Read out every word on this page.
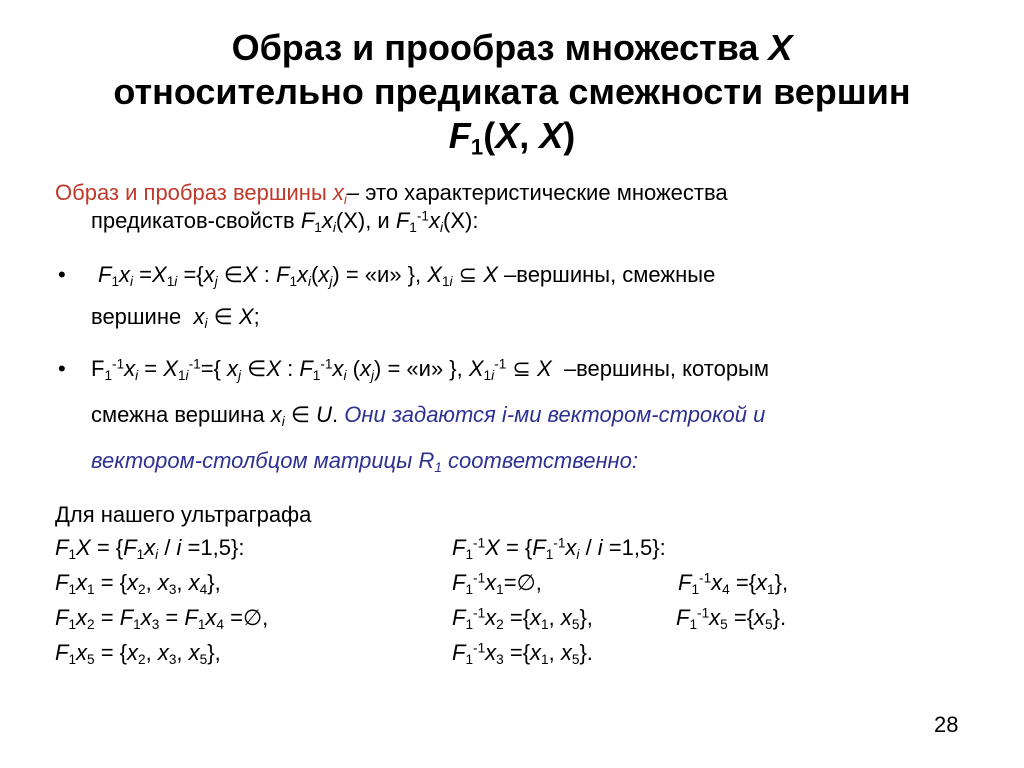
Образ и прообраз множества X
относительно предиката смежности вершин
$F_1(X$, X)
Образ и пробраз вершины $x_i-$ это хaрактеристические множества
предикатов-свойств $F_1x_i(X)$, и $F_1^{-1}x_i(X)$:
• $F_1x_i =X_{1i} =\{x_j$ ∈X : $F_1x_i(x_j)$ = «и» }, $X_{1i}$ ⊆ X –вершины, смежные
вершине  $x_i$ ∈ X;
• $F_1^{-1}x_i = X_{1i}^{-1}=${ $x_j$ ∈X : $F_1^{-1}x_i$ $(x_j)$ = «и» }, $X_{1i}^{-1}$ ⊆ X  –вершины, которым
смежна вершина $x_i$ ∈ U. Они задаются i-ми вектором-строкой и
вектором-столбцом матрицы $R_1$ соответственно:
Для нашего ультраграфа
$F_1X = \{F_1x_i / i =1,5\}$:
$F_1x_1 = \{x_2$, $x_3$, $x_4$},
$F_1x_2 = F_1x_3 = F_1x_4$ =∅,
$F_1x_5 = \{x_2$, $x_3$, $x_5$},
$F_1^{-1}X = \{F_1^{-1}x_i / i =1,5\}$:
$F_1^{-1}x_1=\emptyset$,
$F_1^{-1}x_2 =\{x_1$, $x_5$},
$F_1^{-1}x_3 =\{x_1$, $x_5$}.
$F_1^{-1}x_4 =\{x_1\}$,
$F_1^{-1}x_5 =\{x_5\}$.
28
